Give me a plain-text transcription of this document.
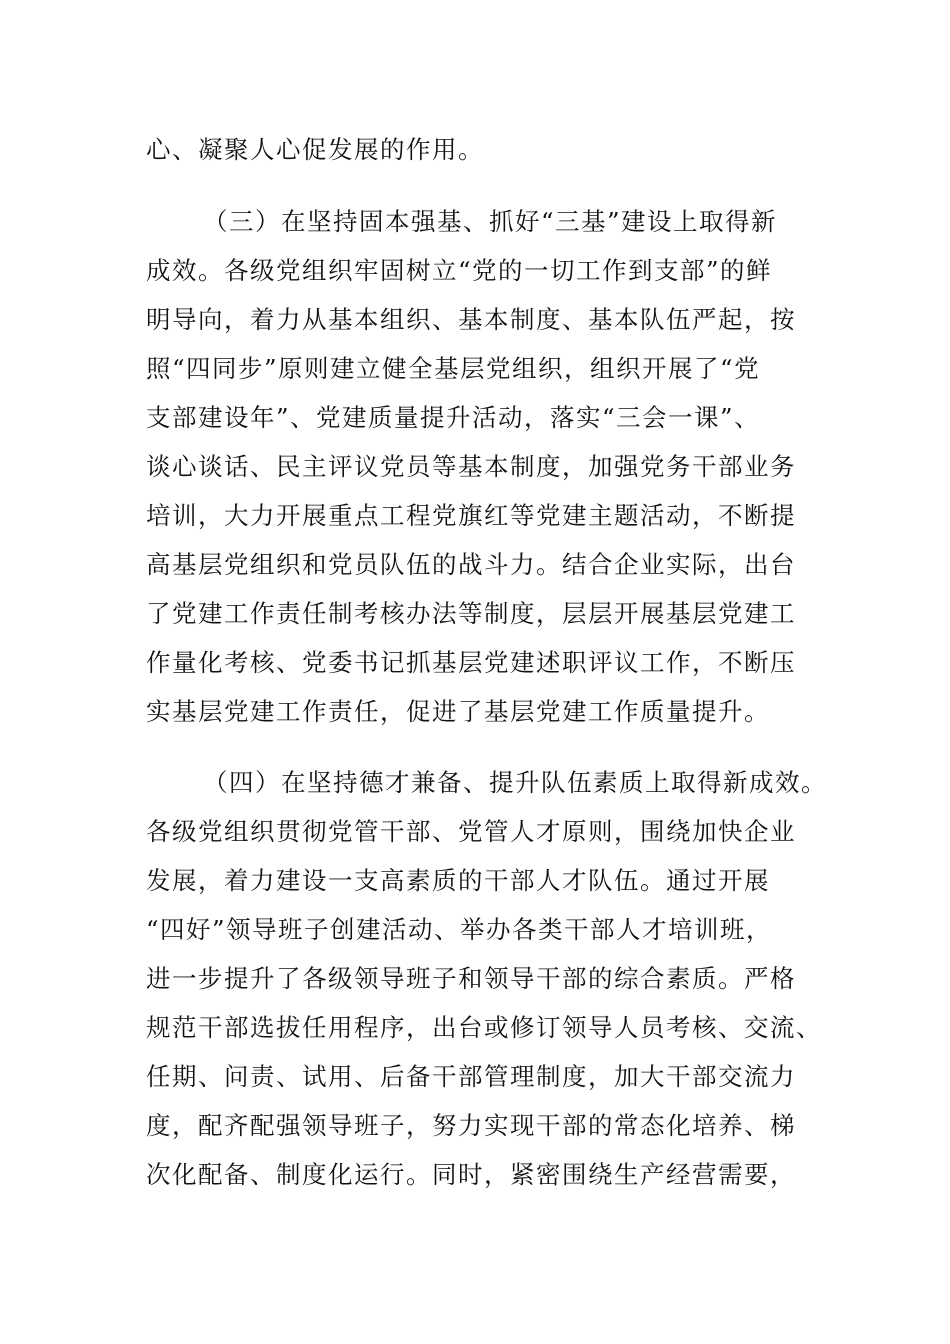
心、凝聚人心促发展的作用。

（三）在坚持固本强基、抓好“三基”建设上取得新

成效。各级党组织牢固树立“党的一切工作到支部”的鲜

明导向，着力从基本组织、基本制度、基本队伍严起，按

照“四同步”原则建立健全基层党组织，组织开展了“党

支部建设年”、党建质量提升活动，落实“三会一课”、

谈心谈话、民主评议党员等基本制度，加强党务干部业务

培训，大力开展重点工程党旗红等党建主题活动，不断提

高基层党组织和党员队伍的战斗力。结合企业实际，出台

了党建工作责任制考核办法等制度，层层开展基层党建工

作量化考核、党委书记抓基层党建述职评议工作，不断压

实基层党建工作责任，促进了基层党建工作质量提升。

（四）在坚持德才兼备、提升队伍素质上取得新成效。

各级党组织贯彻党管干部、党管人才原则，围绕加快企业

发展，着力建设一支高素质的干部人才队伍。通过开展

“四好”领导班子创建活动、举办各类干部人才培训班，

进一步提升了各级领导班子和领导干部的综合素质。严格

规范干部选拔任用程序，出台或修订领导人员考核、交流、

任期、问责、试用、后备干部管理制度，加大干部交流力

度，配齐配强领导班子，努力实现干部的常态化培养、梯

次化配备、制度化运行。同时，紧密围绕生产经营需要，
